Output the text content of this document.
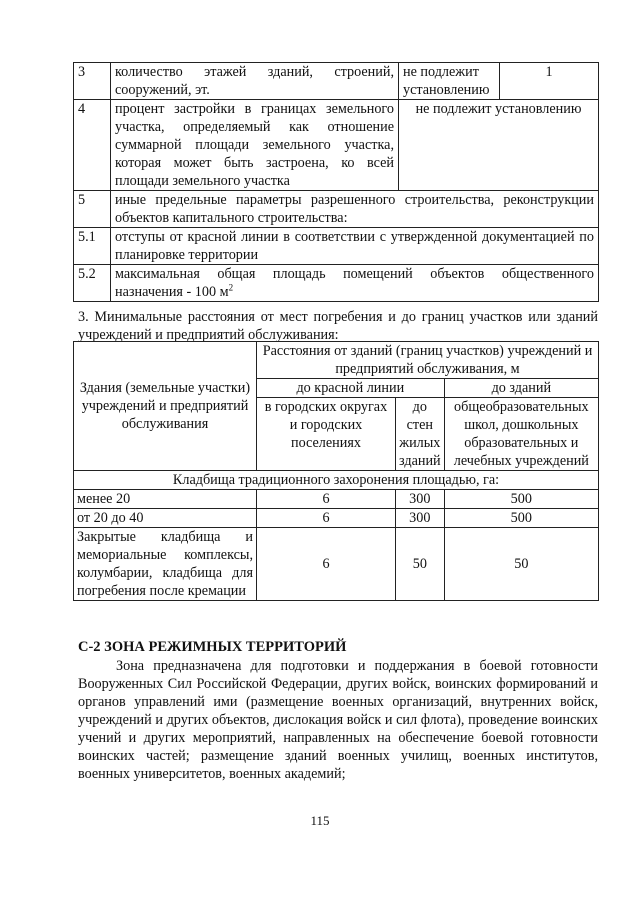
3	количество этажей зданий, строений, сооружений, эт.	не подлежит установлению	1
4	процент застройки в границах земельного участка, определяемый как отношение суммарной площади земельного участка, которая может быть застроена, ко всей площади земельного участка	не подлежит установлению	
5	иные предельные параметры разрешенного строительства, реконструкции объектов капитального строительства:		
5.1	отступы от красной линии в соответствии с утвержденной документацией по планировке территории		
5.2	максимальная общая площадь помещений объектов общественного назначения - 100 $м^2$

3. Минимальные расстояния от мест погребения и до границ участков или зданий учреждений и предприятий обслуживания:

Здания (земельные участки) учреждений и предприятий обслуживания	Расстояния от зданий (границ участков) учреждений и предприятий обслуживания, м		
	до красной линии		до зданий
	в городских округах и городских поселениях	до стен жилых зданий	общеобразовательных школ, дошкольных образовательных и лечебных учреждений
Кладбища традиционного захоронения площадью, га:			
менее 20	6	300	500
от 20 до 40	6	300	500
Закрытые кладбища и мемориальные комплексы, колумбарии, кладбища для погребения после кремации	6	50	50
С-2 ЗОНА РЕЖИМНЫХ ТЕРРИТОРИЙ

Зона предназначена для подготовки и поддержания в боевой готовности Вооруженных Сил Российской Федерации, других войск, воинских формирований и органов управлений ими (размещение военных организаций, внутренних войск, учреждений и других объектов, дислокация войск и сил флота), проведение воинских учений и других мероприятий, направленных на обеспечение боевой готовности воинских частей; размещение зданий военных училищ, военных институтов, военных университетов, военных академий;

115
